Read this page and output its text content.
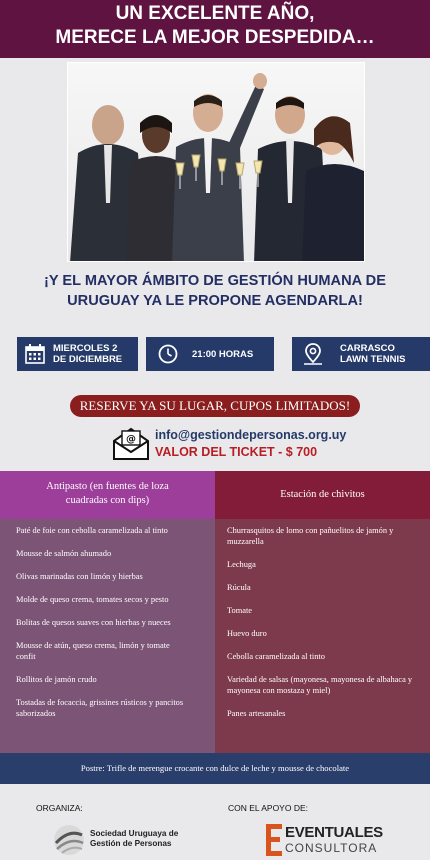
UN EXCELENTE AÑO,
MERECE LA MEJOR DESPEDIDA…
¡Y EL MAYOR ÁMBITO DE GESTIÓN HUMANA DE
URUGUAY YA LE PROPONE AGENDARLA!
MIERCOLES 2
DE DICIEMBRE	21:00 HORAS	CARRASCO
LAWN TENNIS
RESERVE YA SU LUGAR, CUPOS LIMITADOS!
@ info@gestiondepersonas.org.uy
VALOR DEL TICKET - $ 700
Antipasto (en fuentes de loza
cuadradas con dips)
Paté de foie con cebolla caramelizada al tinto
Mousse de salmón ahumado
Olivas marinadas con limón y hierbas
Molde de queso crema, tomates secos y pesto
Bolitas de quesos suaves con hierbas y nueces
Mousse de atún, queso crema, limón y tomate confit
Rollitos de jamón crudo
Tostadas de focaccia, grissines rústicos y pancitos saborizados
Estación de chivitos
Churrasquitos de lomo con pañuelitos de jamón y muzzarella
Lechuga
Rúcula
Tomate
Huevo duro
Cebolla caramelizada al tinto
Variedad de salsas (mayonesa, mayonesa de albahaca y mayonesa con mostaza y miel)
Panes artesanales
Postre: Trifle de merengue crocante con dulce de leche y mousse de chocolate
ORGANIZA:	CON EL APOYO DE:
Sociedad Uruguaya de
Gestión de Personas
EVENTUALES
CONSULTORA
